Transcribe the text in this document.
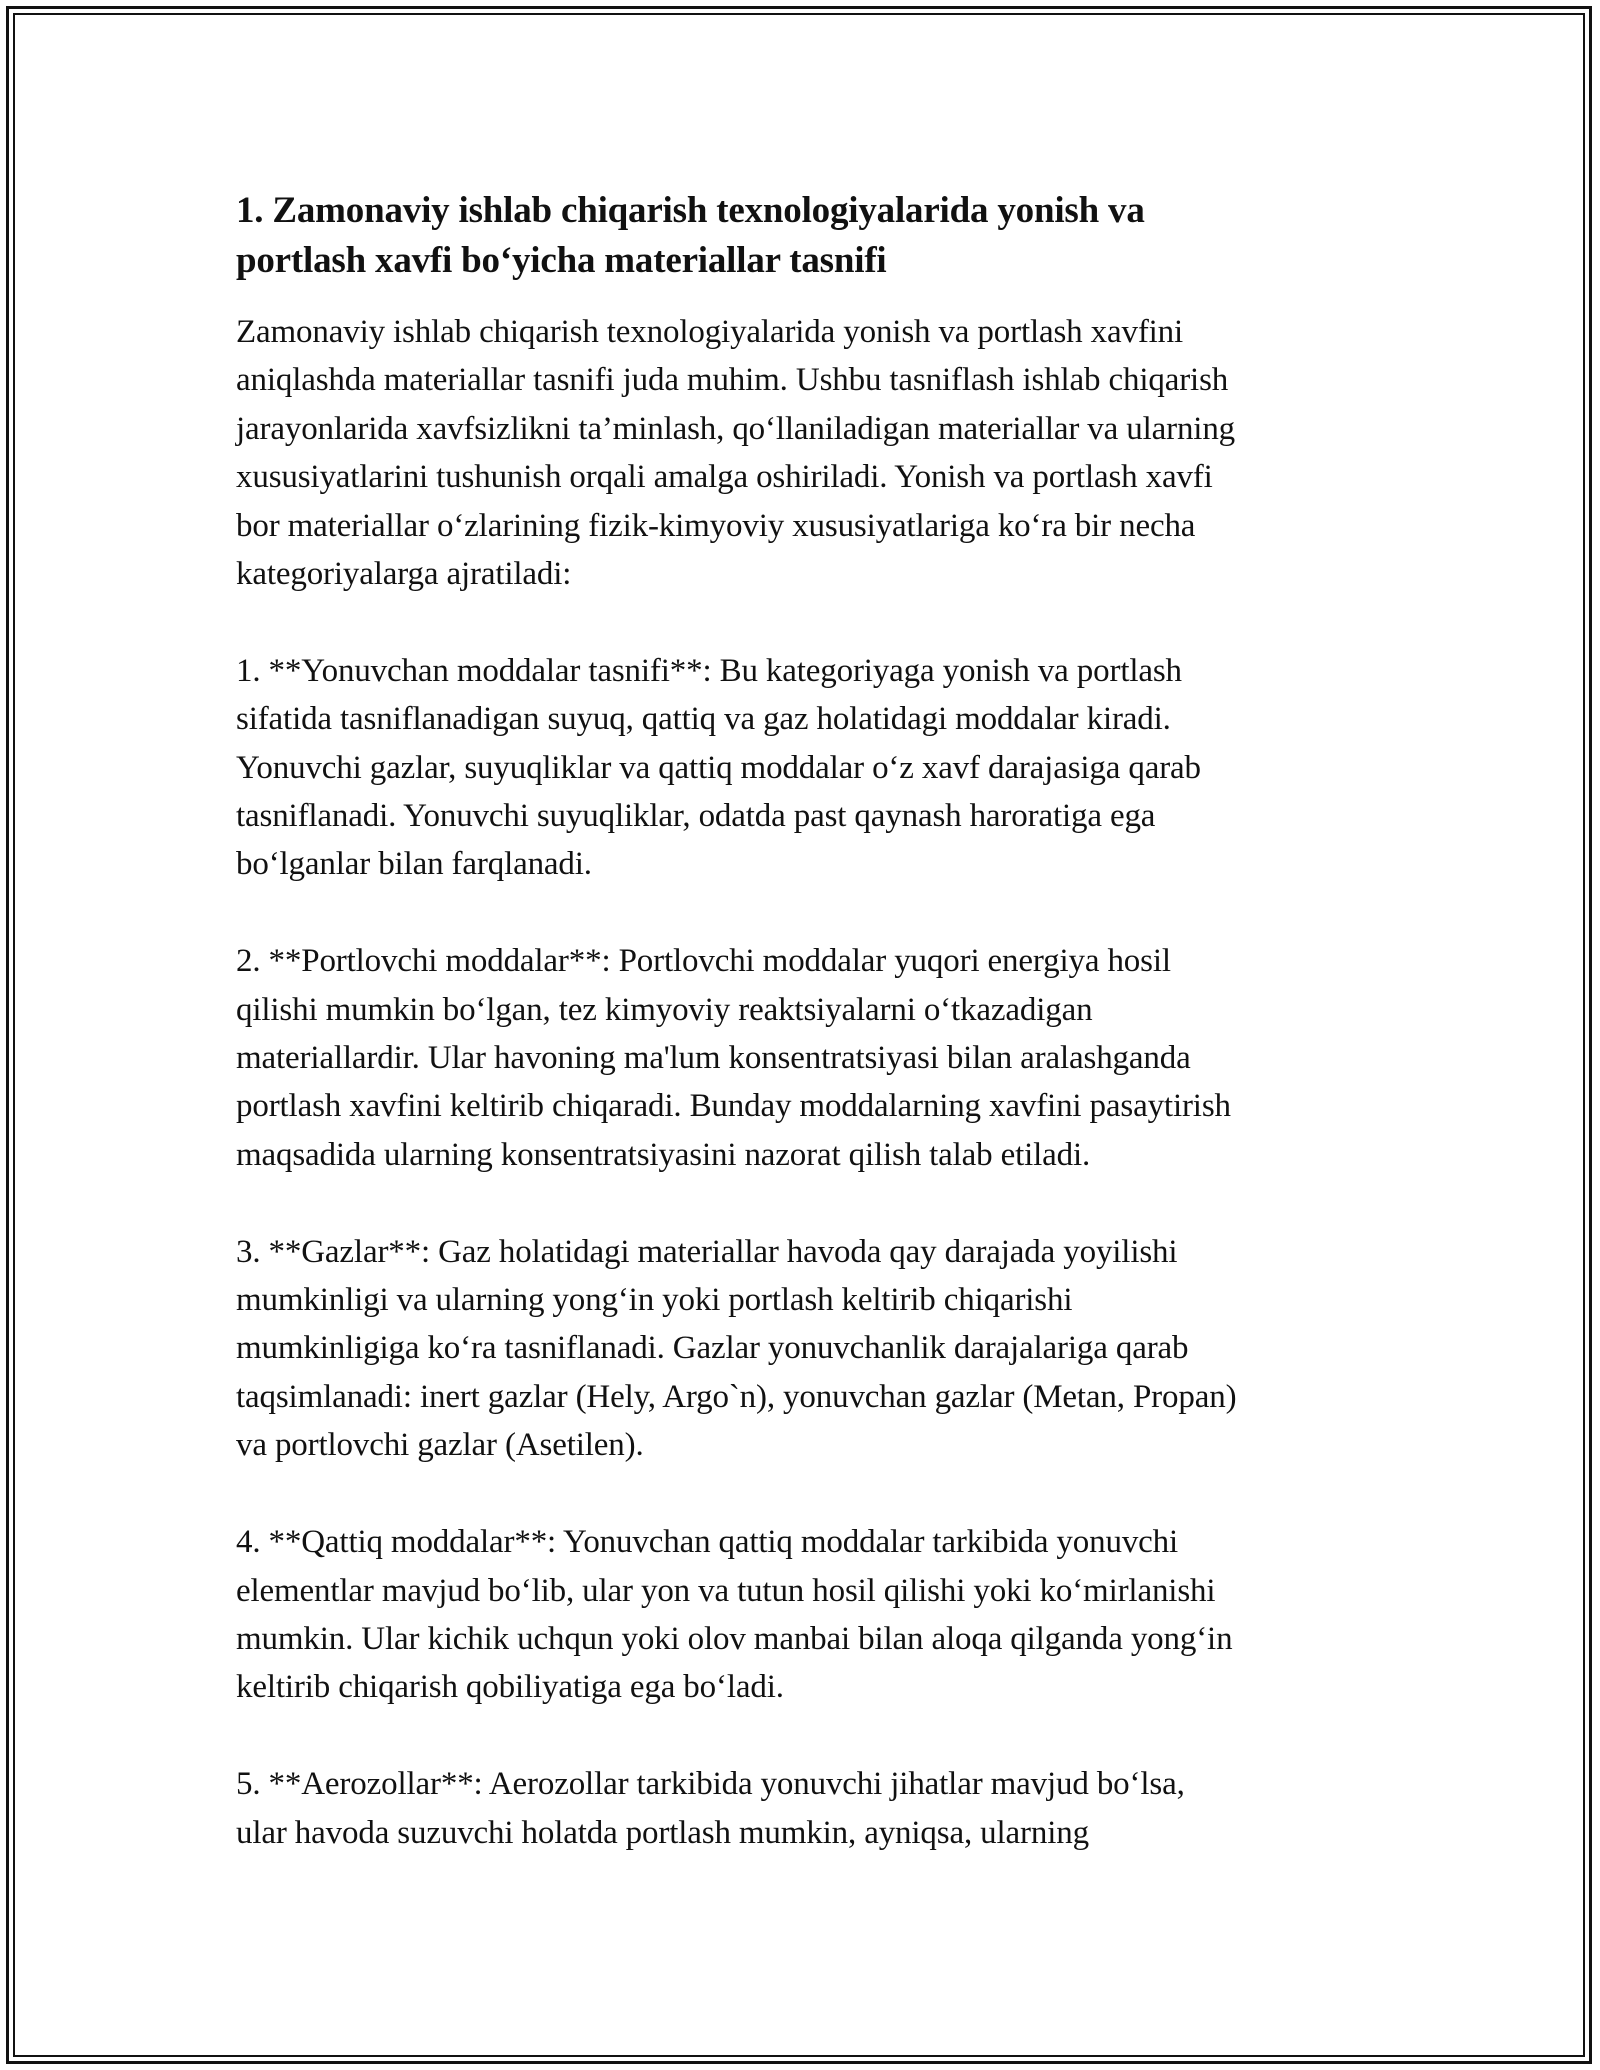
1. Zamonaviy ishlab chiqarish texnologiyalarida yonish va
portlash xavfi bo‘yicha materiallar tasnifi

Zamonaviy ishlab chiqarish texnologiyalarida yonish va portlash xavfini
aniqlashda materiallar tasnifi juda muhim. Ushbu tasniflash ishlab chiqarish
jarayonlarida xavfsizlikni ta’minlash, qo‘llaniladigan materiallar va ularning
xususiyatlarini tushunish orqali amalga oshiriladi. Yonish va portlash xavfi
bor materiallar o‘zlarining fizik-kimyoviy xususiyatlariga ko‘ra bir necha
kategoriyalarga ajratiladi:

1. **Yonuvchan moddalar tasnifi**: Bu kategoriyaga yonish va portlash
sifatida tasniflanadigan suyuq, qattiq va gaz holatidagi moddalar kiradi.
Yonuvchi gazlar, suyuqliklar va qattiq moddalar o‘z xavf darajasiga qarab
tasniflanadi. Yonuvchi suyuqliklar, odatda past qaynash haroratiga ega
bo‘lganlar bilan farqlanadi.

2. **Portlovchi moddalar**: Portlovchi moddalar yuqori energiya hosil
qilishi mumkin bo‘lgan, tez kimyoviy reaktsiyalarni o‘tkazadigan
materiallardir. Ular havoning ma'lum konsentratsiyasi bilan aralashganda
portlash xavfini keltirib chiqaradi. Bunday moddalarning xavfini pasaytirish
maqsadida ularning konsentratsiyasini nazorat qilish talab etiladi.

3. **Gazlar**: Gaz holatidagi materiallar havoda qay darajada yoyilishi
mumkinligi va ularning yong‘in yoki portlash keltirib chiqarishi
mumkinligiga ko‘ra tasniflanadi. Gazlar yonuvchanlik darajalariga qarab
taqsimlanadi: inert gazlar (Hely, Argo`n), yonuvchan gazlar (Metan, Propan)
va portlovchi gazlar (Asetilen).

4. **Qattiq moddalar**: Yonuvchan qattiq moddalar tarkibida yonuvchi
elementlar mavjud bo‘lib, ular yon va tutun hosil qilishi yoki ko‘mirlanishi
mumkin. Ular kichik uchqun yoki olov manbai bilan aloqa qilganda yong‘in
keltirib chiqarish qobiliyatiga ega bo‘ladi.

5. **Aerozollar**: Aerozollar tarkibida yonuvchi jihatlar mavjud bo‘lsa,
ular havoda suzuvchi holatda portlash mumkin, ayniqsa, ularning
